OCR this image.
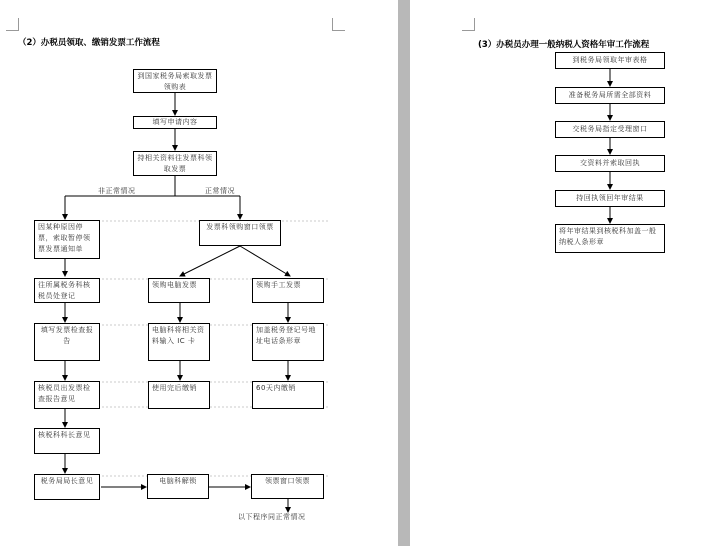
（2）办税员领取、缴销发票工作流程
到国家税务局索取发票领购表
填写申请内容
持相关资料往发票科领取发票
非正常情况	正常情况
因某种原因停票，索取暂停领票发票通知单
发票科领购窗口领票
往所属税务科核税员处登记
领购电脑发票	领购手工发票
填写发票检查报告
电脑科将相关资料输入 IC 卡
加盖税务登记号地址电话条形章
核税员出发票检查报告意见
使用完后缴销	60天内缴销
核税科科长意见
税务局局长意见	电脑科解锁	领票窗口领票
以下程序同正常情况
(3）办税员办理一般纳税人资格年审工作流程
到税务局领取年审表格
准备税务局所需全部资料
交税务局指定受理窗口
交资料并索取回执
持回执领回年审结果
将年审结果到核税科加盖一般纳税人条形章
